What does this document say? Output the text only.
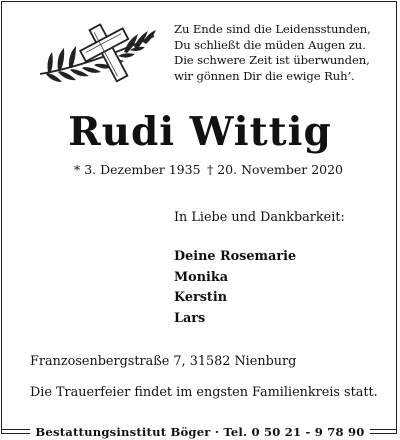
Zu Ende sind die Leidensstunden,
Du schließt die müden Augen zu.
Die schwere Zeit ist überwunden,
wir gönnen Dir die ewige Ruh’.
Rudi Wittig
* 3. Dezember 1935 † 20. November 2020
In Liebe und Dankbarkeit:
Deine Rosemarie
Monika
Kerstin
Lars
Franzosenbergstraße 7, 31582 Nienburg
Die Trauerfeier findet im engsten Familienkreis statt.
Bestattungsinstitut Böger · Tel. 0 50 21 - 9 78 90
